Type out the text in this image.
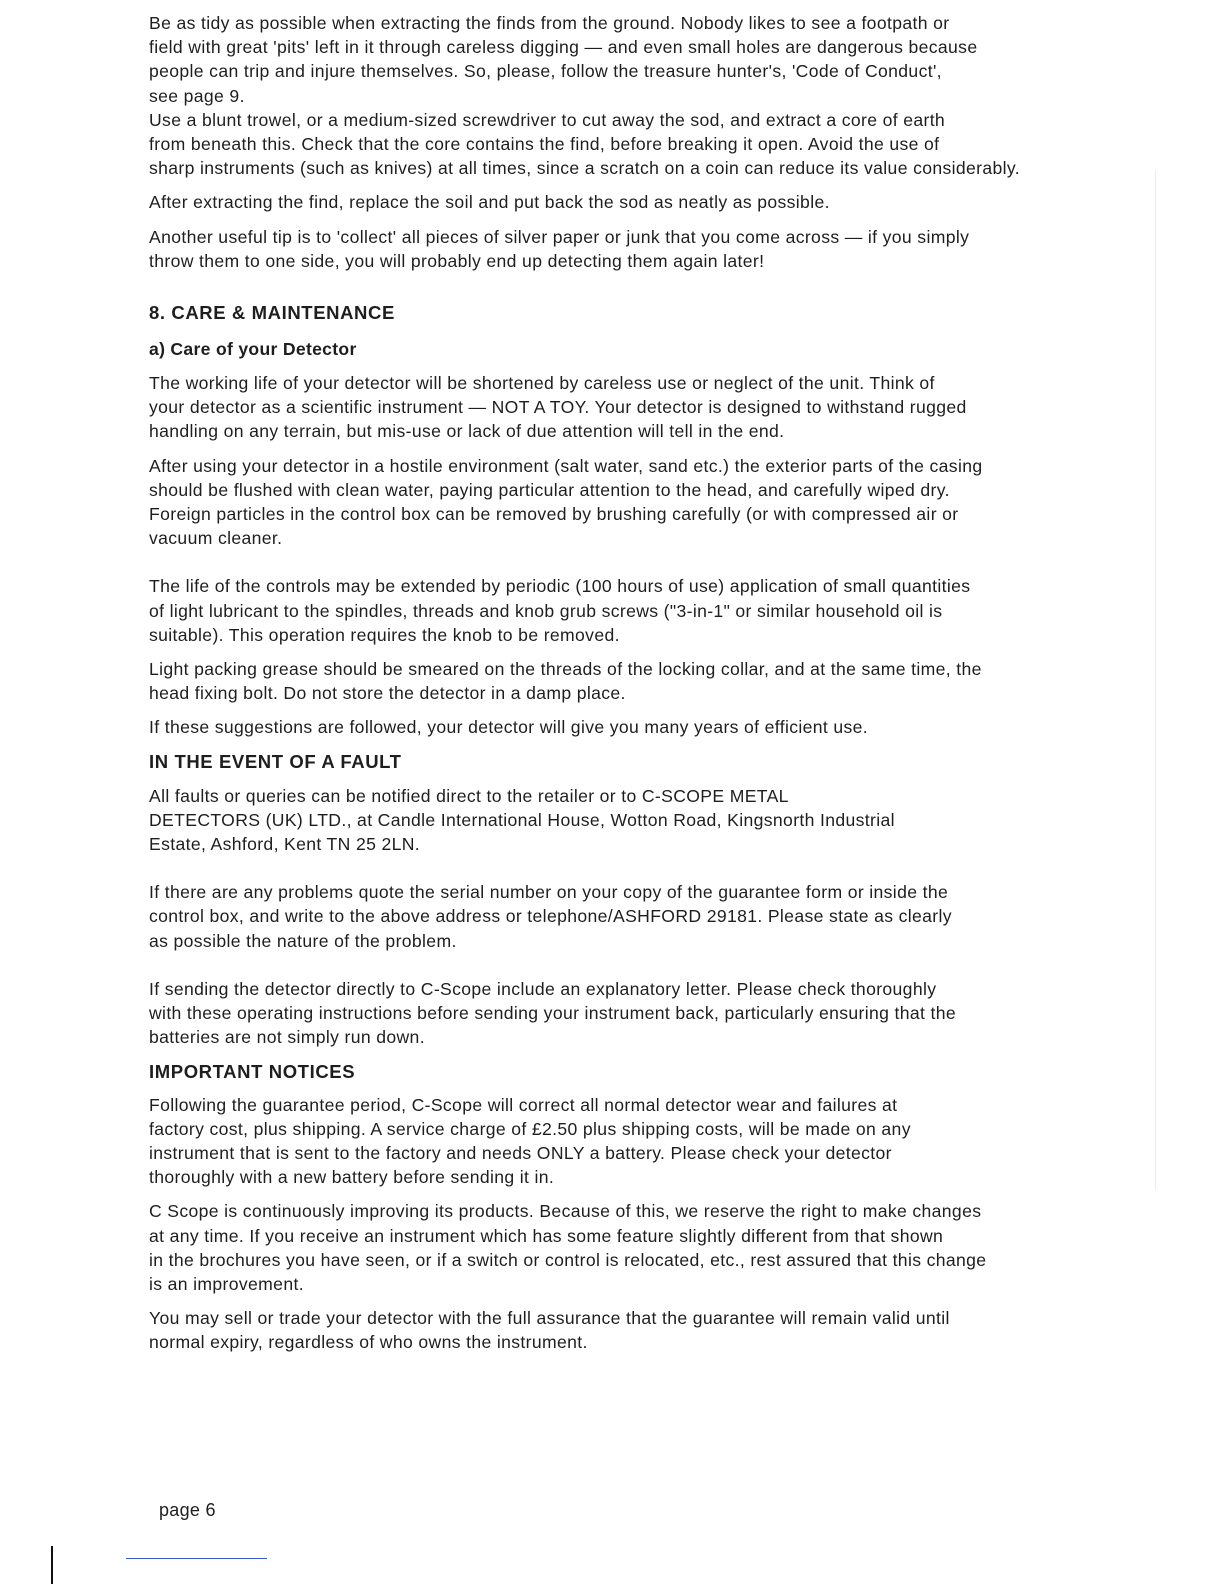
Be as tidy as possible when extracting the finds from the ground. Nobody likes to see a footpath or
field with great 'pits' left in it through careless digging — and even small holes are dangerous because
people can trip and injure themselves. So, please, follow the treasure hunter's, 'Code of Conduct',
see page 9.

Use a blunt trowel, or a medium-sized screwdriver to cut away the sod, and extract a core of earth
from beneath this. Check that the core contains the find, before breaking it open. Avoid the use of
sharp instruments (such as knives) at all times, since a scratch on a coin can reduce its value considerably.

After extracting the find, replace the soil and put back the sod as neatly as possible.

Another useful tip is to 'collect' all pieces of silver paper or junk that you come across — if you simply
throw them to one side, you will probably end up detecting them again later!

8. CARE & MAINTENANCE
a) Care of your Detector

The working life of your detector will be shortened by careless use or neglect of the unit. Think of
your detector as a scientific instrument — NOT A TOY. Your detector is designed to withstand rugged
handling on any terrain, but mis-use or lack of due attention will tell in the end.

After using your detector in a hostile environment (salt water, sand etc.) the exterior parts of the casing
should be flushed with clean water, paying particular attention to the head, and carefully wiped dry.
Foreign particles in the control box can be removed by brushing carefully (or with compressed air or
vacuum cleaner.

The life of the controls may be extended by periodic (100 hours of use) application of small quantities
of light lubricant to the spindles, threads and knob grub screws ("3-in-1" or similar household oil is
suitable). This operation requires the knob to be removed.

Light packing grease should be smeared on the threads of the locking collar, and at the same time, the
head fixing bolt. Do not store the detector in a damp place.

If these suggestions are followed, your detector will give you many years of efficient use.

IN THE EVENT OF A FAULT

All faults or queries can be notified direct to the retailer or to C-SCOPE METAL
DETECTORS (UK) LTD., at Candle International House, Wotton Road, Kingsnorth Industrial
Estate, Ashford, Kent TN 25 2LN.

If there are any problems quote the serial number on your copy of the guarantee form or inside the
control box, and write to the above address or telephone/ASHFORD 29181. Please state as clearly
as possible the nature of the problem.

If sending the detector directly to C-Scope include an explanatory letter. Please check thoroughly
with these operating instructions before sending your instrument back, particularly ensuring that the
batteries are not simply run down.

IMPORTANT NOTICES

Following the guarantee period, C-Scope will correct all normal detector wear and failures at
factory cost, plus shipping. A service charge of £2.50 plus shipping costs, will be made on any
instrument that is sent to the factory and needs ONLY a battery. Please check your detector
thoroughly with a new battery before sending it in.

C Scope is continuously improving its products. Because of this, we reserve the right to make changes
at any time. If you receive an instrument which has some feature slightly different from that shown
in the brochures you have seen, or if a switch or control is relocated, etc., rest assured that this change
is an improvement.

You may sell or trade your detector with the full assurance that the guarantee will remain valid until
normal expiry, regardless of who owns the instrument.

page 6
